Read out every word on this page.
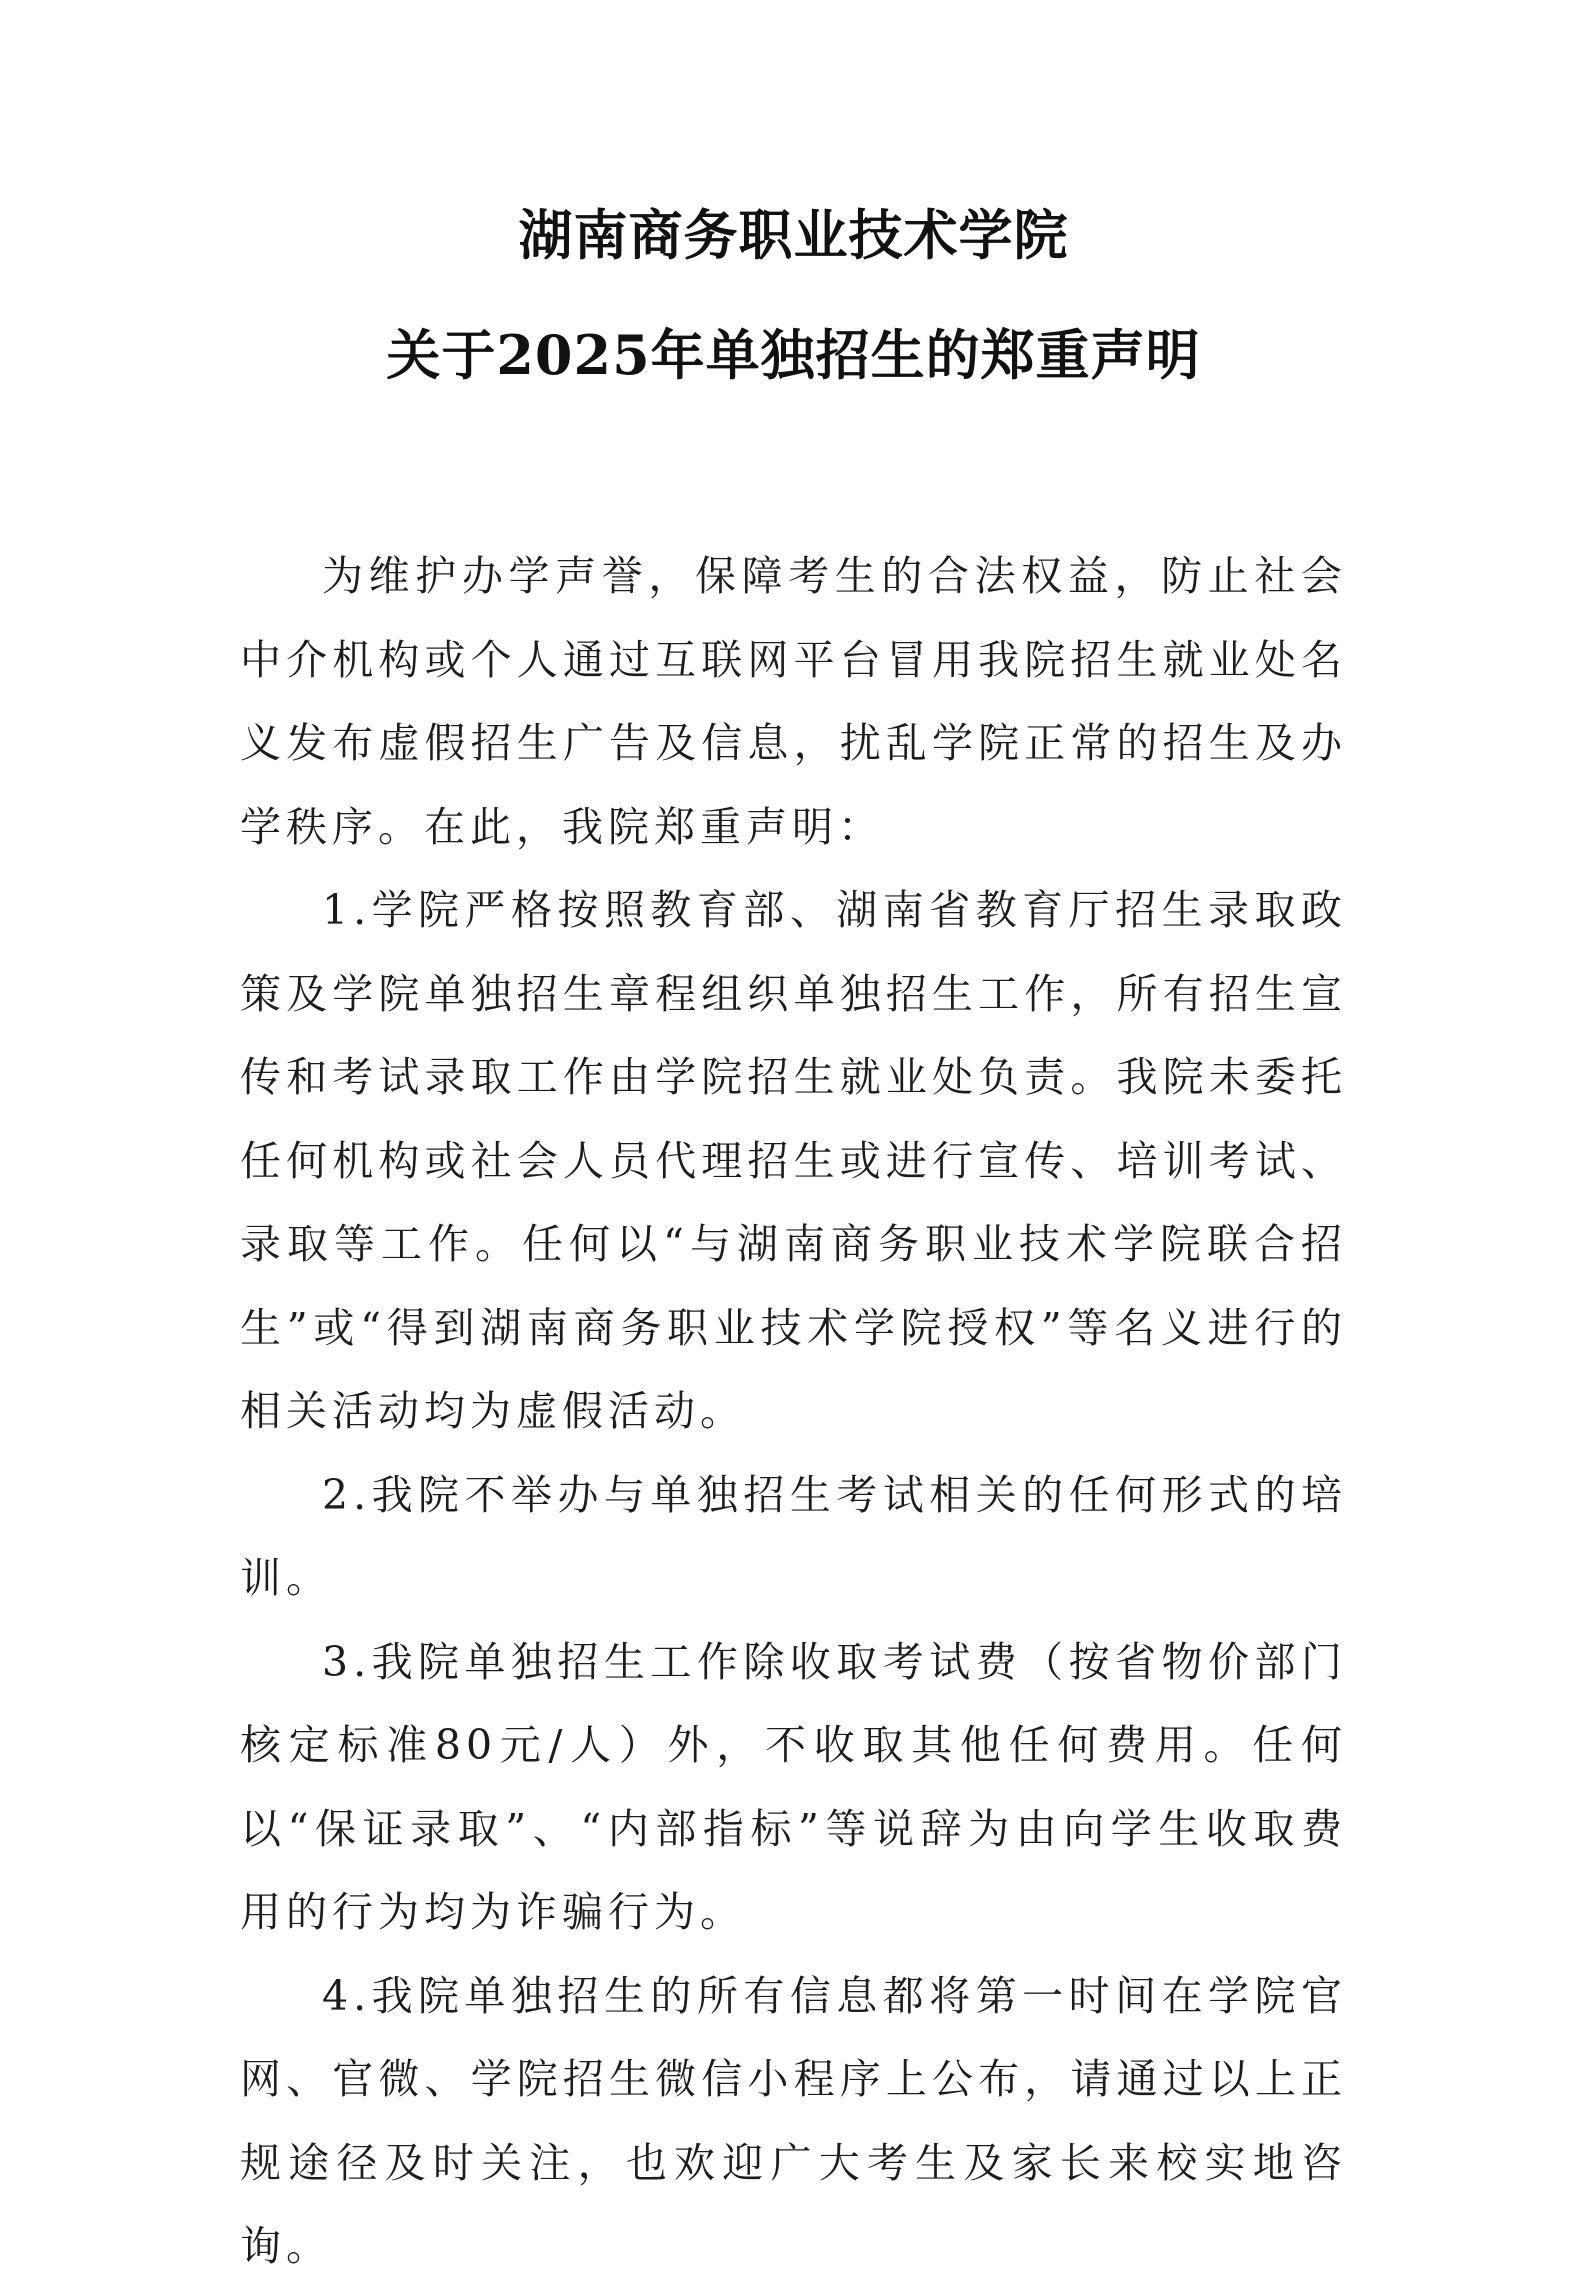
湖南商务职业技术学院
关于2025年单独招生的郑重声明

为维护办学声誉，保障考生的合法权益，防止社会中介机构或个人通过互联网平台冒用我院招生就业处名义发布虚假招生广告及信息，扰乱学院正常的招生及办学秩序。在此，我院郑重声明：

1.学院严格按照教育部、湖南省教育厅招生录取政策及学院单独招生章程组织单独招生工作，所有招生宣传和考试录取工作由学院招生就业处负责。我院未委托任何机构或社会人员代理招生或进行宣传、培训考试、录取等工作。任何以“与湖南商务职业技术学院联合招生”或“得到湖南商务职业技术学院授权”等名义进行的相关活动均为虚假活动。

2.我院不举办与单独招生考试相关的任何形式的培训。

3.我院单独招生工作除收取考试费（按省物价部门核定标准80元/人）外，不收取其他任何费用。任何以“保证录取”、“内部指标”等说辞为由向学生收取费用的行为均为诈骗行为。

4.我院单独招生的所有信息都将第一时间在学院官网、官微、学院招生微信小程序上公布，请通过以上正规途径及时关注，也欢迎广大考生及家长来校实地咨询。
